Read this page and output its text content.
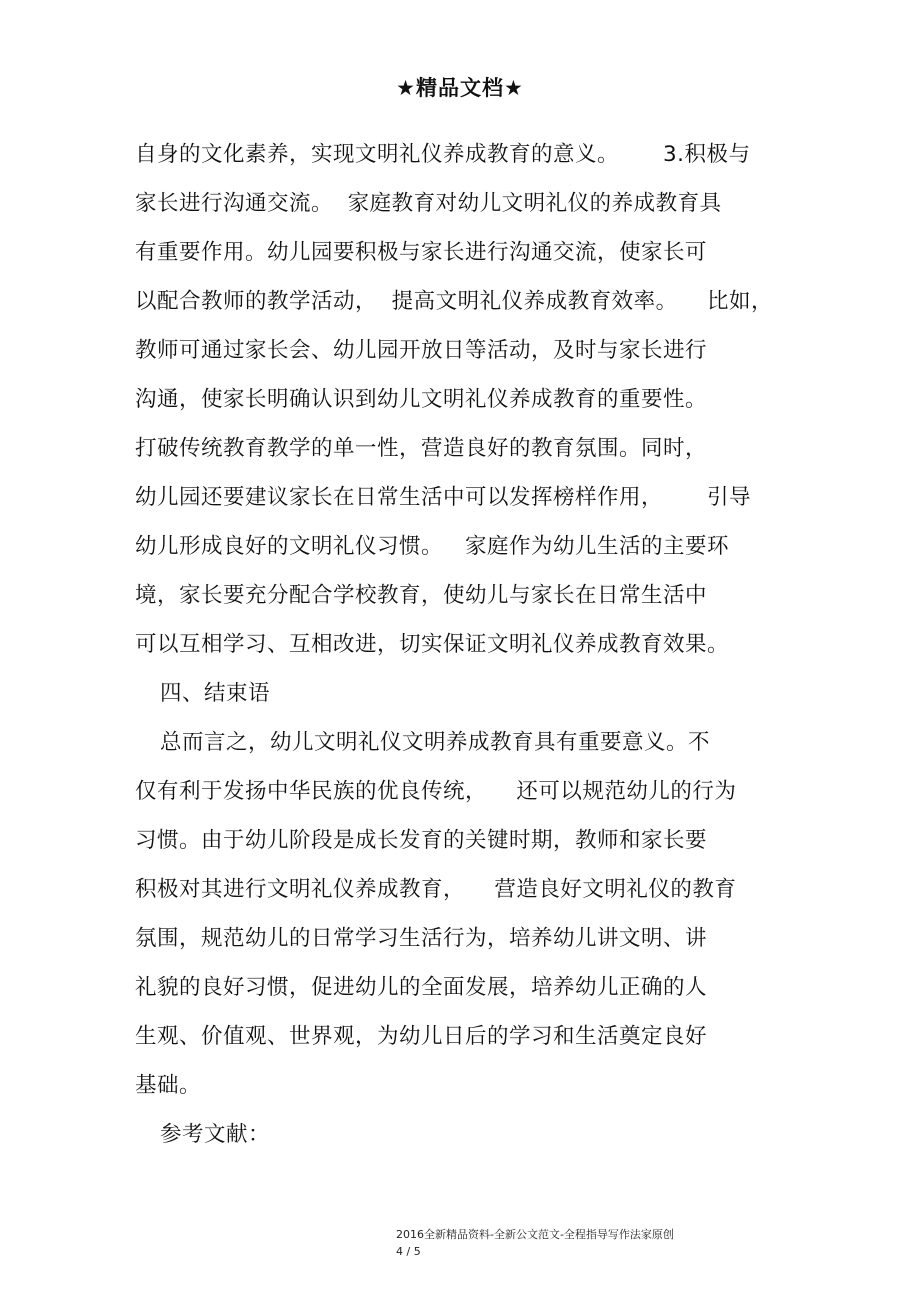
★精品文档★
自身的文化素养，实现文明礼仪养成教育的意义。      3.积极与
家长进行沟通交流。  家庭教育对幼儿文明礼仪的养成教育具
有重要作用。幼儿园要积极与家长进行沟通交流，使家长可
以配合教师的教学活动，  提高文明礼仪养成教育效率。    比如，
教师可通过家长会、幼儿园开放日等活动，及时与家长进行
沟通，使家长明确认识到幼儿文明礼仪养成教育的重要性。
打破传统教育教学的单一性，营造良好的教育氛围。同时，
幼儿园还要建议家长在日常生活中可以发挥榜样作用，      引导
幼儿形成良好的文明礼仪习惯。   家庭作为幼儿生活的主要环
境，家长要充分配合学校教育，使幼儿与家长在日常生活中
可以互相学习、互相改进，切实保证文明礼仪养成教育效果。
四、结束语
总而言之，幼儿文明礼仪文明养成教育具有重要意义。不
仅有利于发扬中华民族的优良传统，    还可以规范幼儿的行为
习惯。由于幼儿阶段是成长发育的关键时期，教师和家长要
积极对其进行文明礼仪养成教育，    营造良好文明礼仪的教育
氛围，规范幼儿的日常学习生活行为，培养幼儿讲文明、讲
礼貌的良好习惯，促进幼儿的全面发展，培养幼儿正确的人
生观、价值观、世界观，为幼儿日后的学习和生活奠定良好
基础。
参考文献：
2016全新精品资料-全新公文范文-全程指导写作法家原创
4 / 5
